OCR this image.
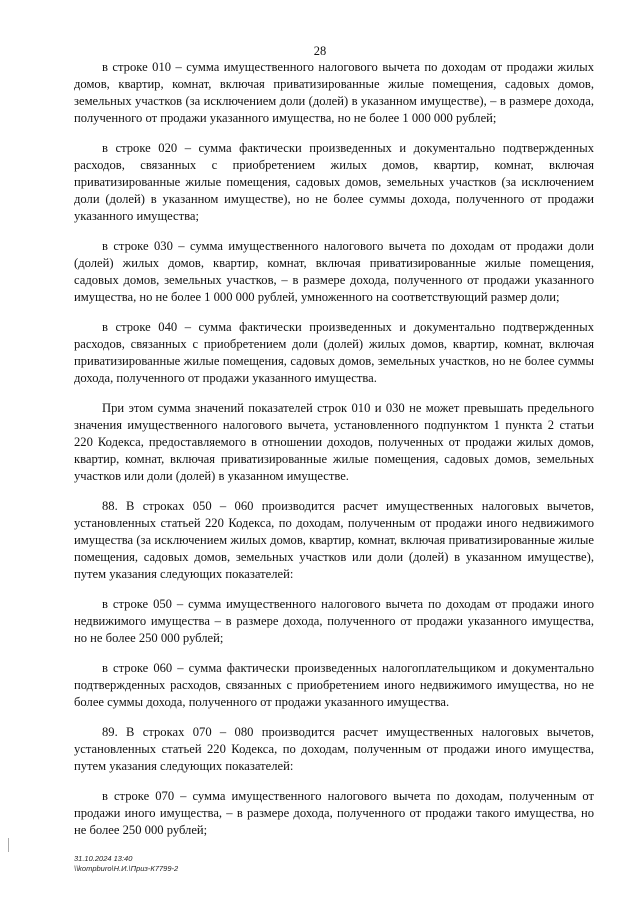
28

в строке 010 – сумма имущественного налогового вычета по доходам от продажи жилых домов, квартир, комнат, включая приватизированные жилые помещения, садовых домов, земельных участков (за исключением доли (долей) в указанном имуществе), – в размере дохода, полученного от продажи указанного имущества, но не более 1 000 000 рублей;

в строке 020 – сумма фактически произведенных и документально подтвержденных расходов, связанных с приобретением жилых домов, квартир, комнат, включая приватизированные жилые помещения, садовых домов, земельных участков (за исключением доли (долей) в указанном имуществе), но не более суммы дохода, полученного от продажи указанного имущества;

в строке 030 – сумма имущественного налогового вычета по доходам от продажи доли (долей) жилых домов, квартир, комнат, включая приватизированные жилые помещения, садовых домов, земельных участков, – в размере дохода, полученного от продажи указанного имущества, но не более 1 000 000 рублей, умноженного на соответствующий размер доли;

в строке 040 – сумма фактически произведенных и документально подтвержденных расходов, связанных с приобретением доли (долей) жилых домов, квартир, комнат, включая приватизированные жилые помещения, садовых домов, земельных участков, но не более суммы дохода, полученного от продажи указанного имущества.

При этом сумма значений показателей строк 010 и 030 не может превышать предельного значения имущественного налогового вычета, установленного подпунктом 1 пункта 2 статьи 220 Кодекса, предоставляемого в отношении доходов, полученных от продажи жилых домов, квартир, комнат, включая приватизированные жилые помещения, садовых домов, земельных участков или доли (долей) в указанном имуществе.

88. В строках 050 – 060 производится расчет имущественных налоговых вычетов, установленных статьей 220 Кодекса, по доходам, полученным от продажи иного недвижимого имущества (за исключением жилых домов, квартир, комнат, включая приватизированные жилые помещения, садовых домов, земельных участков или доли (долей) в указанном имуществе), путем указания следующих показателей:

в строке 050 – сумма имущественного налогового вычета по доходам от продажи иного недвижимого имущества – в размере дохода, полученного от продажи указанного имущества, но не более 250 000 рублей;

в строке 060 – сумма фактически произведенных налогоплательщиком и документально подтвержденных расходов, связанных с приобретением иного недвижимого имущества, но не более суммы дохода, полученного от продажи указанного имущества.

89. В строках 070 – 080 производится расчет имущественных налоговых вычетов, установленных статьей 220 Кодекса, по доходам, полученным от продажи иного имущества, путем указания следующих показателей:

в строке 070 – сумма имущественного налогового вычета по доходам, полученным от продажи иного имущества, – в размере дохода, полученного от продажи такого имущества, но не более 250 000 рублей;

31.10.2024 13:40
\\kompburo\Н.И.\Приз-К7799-2
